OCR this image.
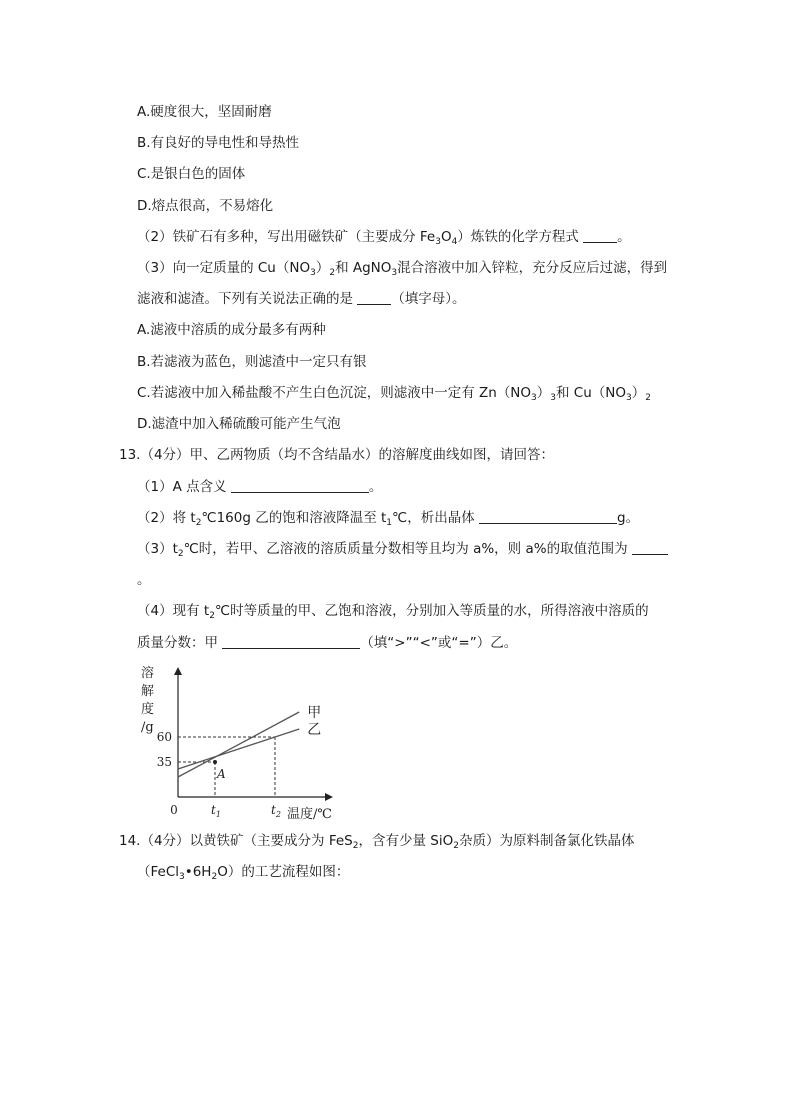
A.硬度很大，坚固耐磨
B.有良好的导电性和导热性
C.是银白色的固体
D.熔点很高，不易熔化
（2）铁矿石有多种，写出用磁铁矿（主要成分 $Fe_3O_4$）炼铁的化学方程式	。
（3）向一定质量的 $Cu(NO_3)_2$和 AgNO$_3$混合溶液中加入锌粒，充分反应后过滤，得到
滤液和滤渣。下列有关说法正确的是	（填字母）。
A.滤液中溶质的成分最多有两种
B.若滤液为蓝色，则滤渣中一定只有银
C.若滤液中加入稀盐酸不产生白色沉淀，则滤液中一定有 $Zn(NO_3)_3$和 $Cu(NO_3)_2$
D.滤渣中加入稀硫酸可能产生气泡
13.（4分）甲、乙两物质（均不含结晶水）的溶解度曲线如图，请回答：
（1）A 点含义	。
（2）将 $t_2℃160g$ 乙的饱和溶液降温至 $t_1℃$，析出晶体	g。
$(3)t_2℃$时，若甲、乙溶液的溶质质量分数相等且均为 a%，则 a%的取值范围为
。
（4）现有 $t_2℃$时等质量的甲、乙饱和溶液，分别加入等质量的水，所得溶液中溶质的
质量分数：甲	（填“>”“<”或“=”）乙。
溶
解
度
/g
温度/℃
0	$t_1$	$t_2$
35
60
甲
乙
A
14.（4分）以黄铁矿（主要成分为 FeS$_2$，含有少量 SiO$_2$杂质）为原料制备氯化铁晶体
$(FeCl_3•6H_2O)$的工艺流程如图：
